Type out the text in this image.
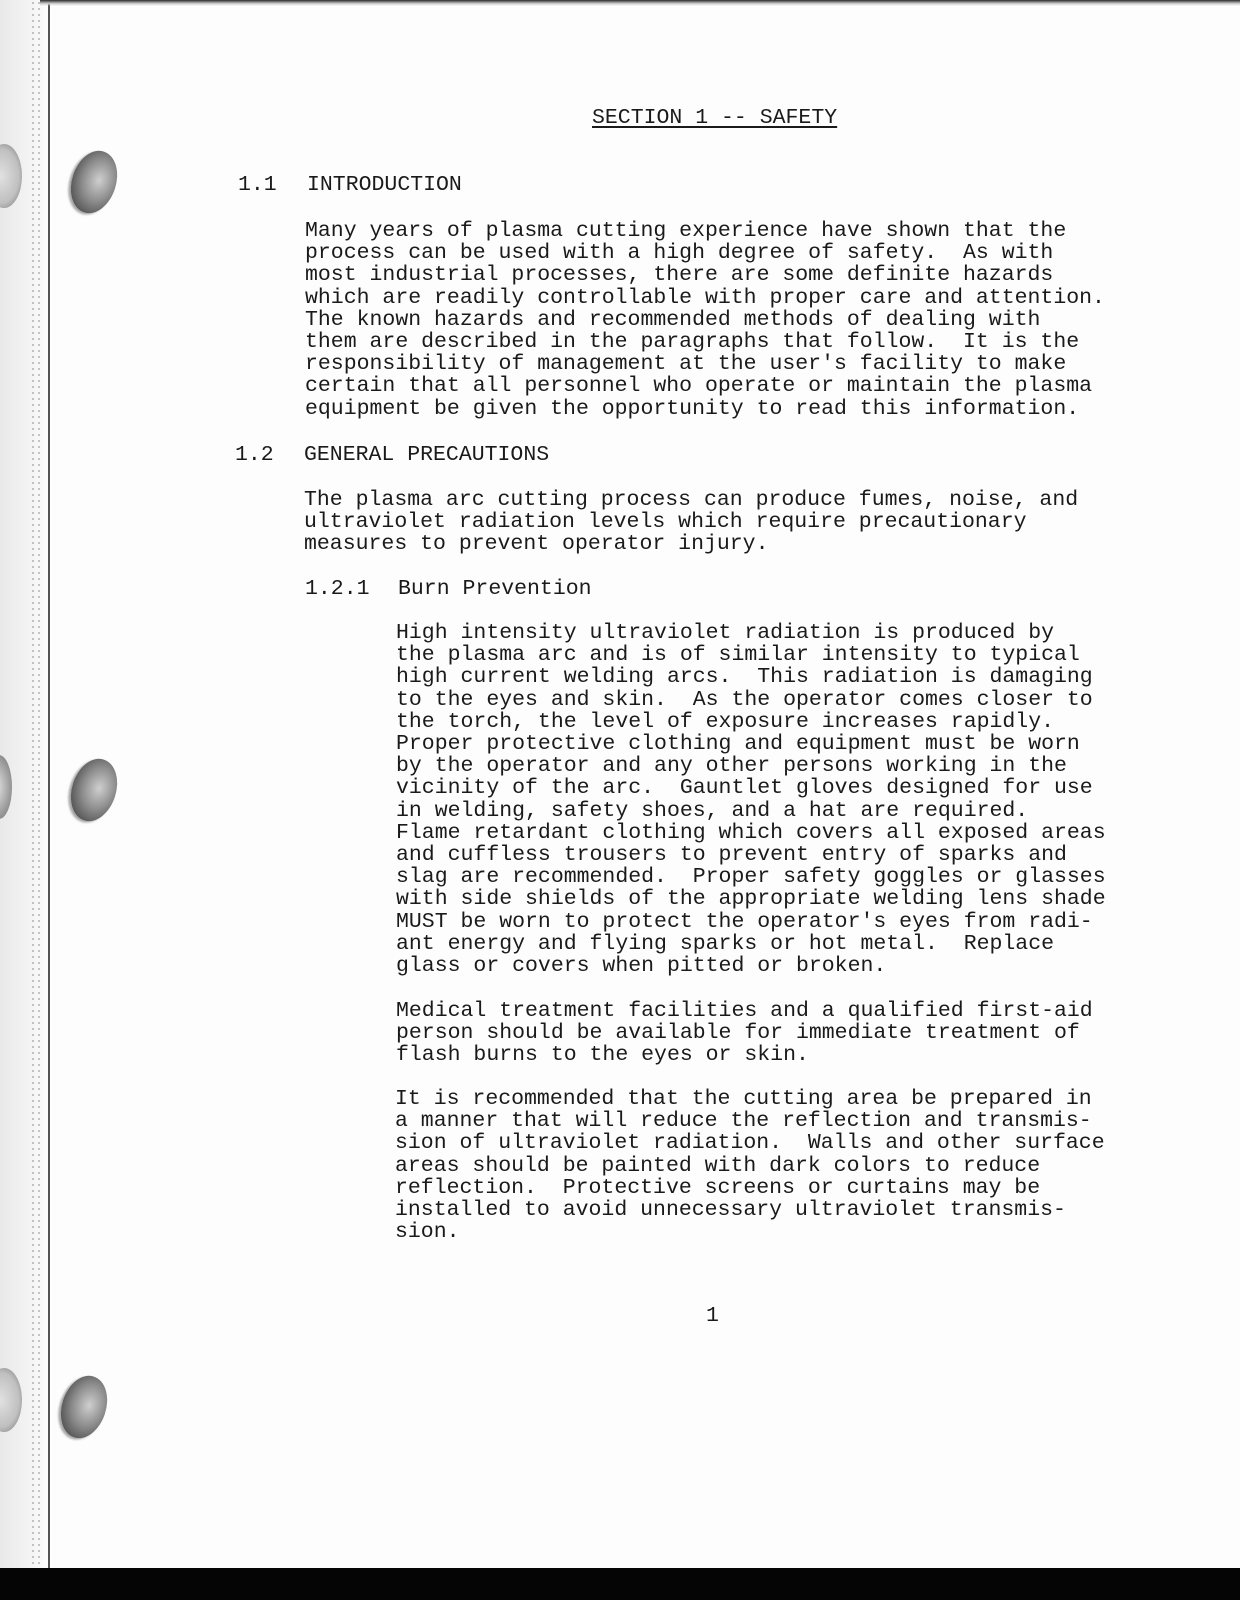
SECTION 1 -- SAFETY
1.1 INTRODUCTION

Many years of plasma cutting experience have shown that the

process can be used with a high degree of safety.  As with

most industrial processes, there are some definite hazards

which are readily controllable with proper care and attention.

The known hazards and recommended methods of dealing with

them are described in the paragraphs that follow.  It is the

responsibility of management at the user's facility to make

certain that all personnel who operate or maintain the plasma

equipment be given the opportunity to read this information.

1.2 GENERAL PRECAUTIONS

The plasma arc cutting process can produce fumes, noise, and

ultraviolet radiation levels which require precautionary

measures to prevent operator injury.

1.2.1 Burn Prevention

High intensity ultraviolet radiation is produced by

the plasma arc and is of similar intensity to typical

high current welding arcs.  This radiation is damaging

to the eyes and skin.  As the operator comes closer to

the torch, the level of exposure increases rapidly.

Proper protective clothing and equipment must be worn

by the operator and any other persons working in the

vicinity of the arc.  Gauntlet gloves designed for use

in welding, safety shoes, and a hat are required.

Flame retardant clothing which covers all exposed areas

and cuffless trousers to prevent entry of sparks and

slag are recommended.  Proper safety goggles or glasses

with side shields of the appropriate welding lens shade

MUST be worn to protect the operator's eyes from radi-

ant energy and flying sparks or hot metal.  Replace

glass or covers when pitted or broken.

Medical treatment facilities and a qualified first-aid

person should be available for immediate treatment of

flash burns to the eyes or skin.

It is recommended that the cutting area be prepared in

a manner that will reduce the reflection and transmis-

sion of ultraviolet radiation.  Walls and other surface

areas should be painted with dark colors to reduce

reflection.  Protective screens or curtains may be

installed to avoid unnecessary ultraviolet transmis-

sion.

1
